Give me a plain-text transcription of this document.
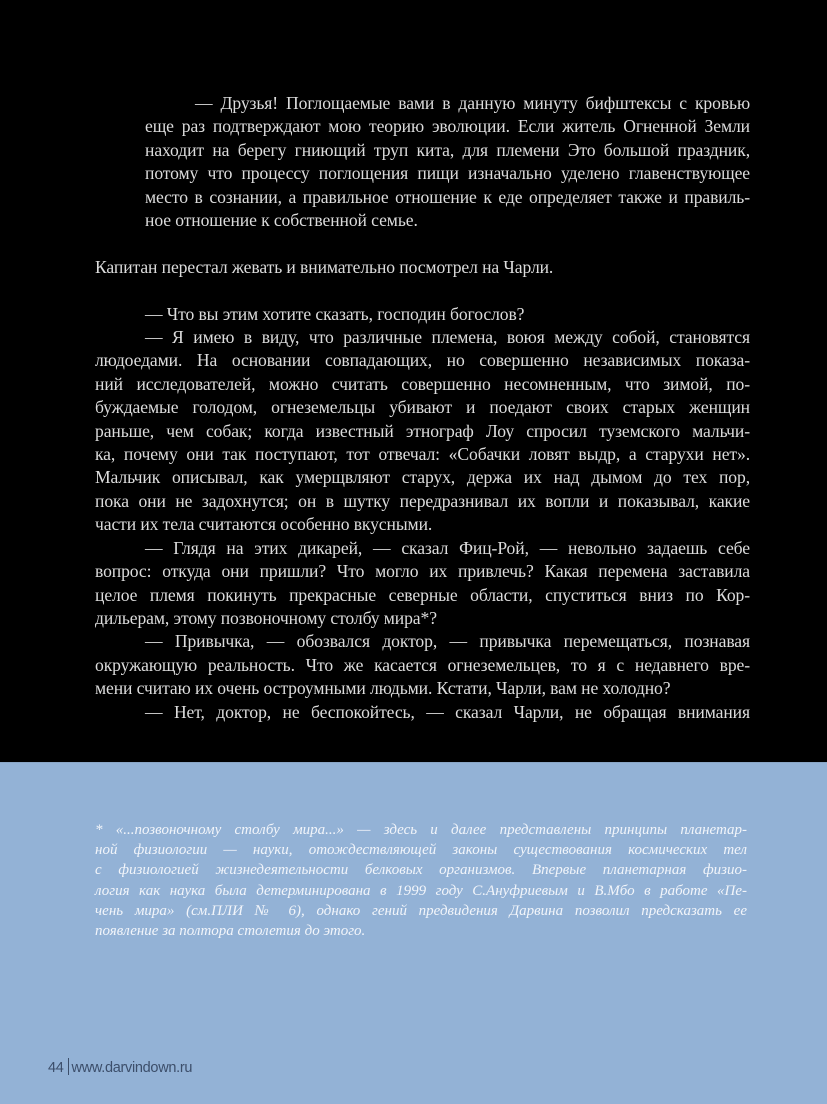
— Друзья! Поглощаемые вами в данную минуту бифштексы с кровью
еще раз подтверждают мою теорию эволюции. Если житель Огненной Земли
находит на берегу гниющий труп кита, для племени Это большой праздник,
потому что процессу поглощения пищи изначально уделено главенствующее
место в сознании, а правильное отношение к еде определяет также и правиль-
ное отношение к собственной семье.

Капитан перестал жевать и внимательно посмотрел на Чарли.

— Что вы этим хотите сказать, господин богослов?

— Я имею в виду, что различные племена, воюя между собой, становятся
людоедами. На основании совпадающих, но совершенно независимых показа-
ний исследователей, можно считать совершенно несомненным, что зимой, по-
буждаемые голодом, огнеземельцы убивают и поедают своих старых женщин
раньше, чем собак; когда известный этнограф Лоу спросил туземского мальчи-
ка, почему они так поступают, тот отвечал: «Собачки ловят выдр, а старухи нет».
Мальчик описывал, как умерщвляют старух, держа их над дымом до тех пор,
пока они не задохнутся; он в шутку передразнивал их вопли и показывал, какие
части их тела считаются особенно вкусными.

— Глядя на этих дикарей, — сказал Фиц-Рой, — невольно задаешь себе
вопрос: откуда они пришли? Что могло их привлечь? Какая перемена заставила
целое племя покинуть прекрасные северные области, спуститься вниз по Кор-
дильерам, этому позвоночному столбу мира*?

— Привычка, — обозвался доктор, — привычка перемещаться, познавая
окружающую реальность. Что же касается огнеземельцев, то я с недавнего вре-
мени считаю их очень остроумными людьми. Кстати, Чарли, вам не холодно?

— Нет, доктор, не беспокойтесь, — сказал Чарли, не обращая внимания

* «...позвоночному столбу мира...» — здесь и далее представлены принципы планетар-
ной физиологии — науки, отождествляющей законы существования космических тел
с физиологией жизнедеятельности белковых организмов. Впервые планетарная физио-
логия как наука была детерминирована в 1999 году С.Ануфриевым и В.Мбо в работе «Пе-
чень мира» (см.ПЛИ № 6), однако гений предвидения Дарвина позволил предсказать ее
появление за полтора столетия до этого.
44 www.darvindown.ru
